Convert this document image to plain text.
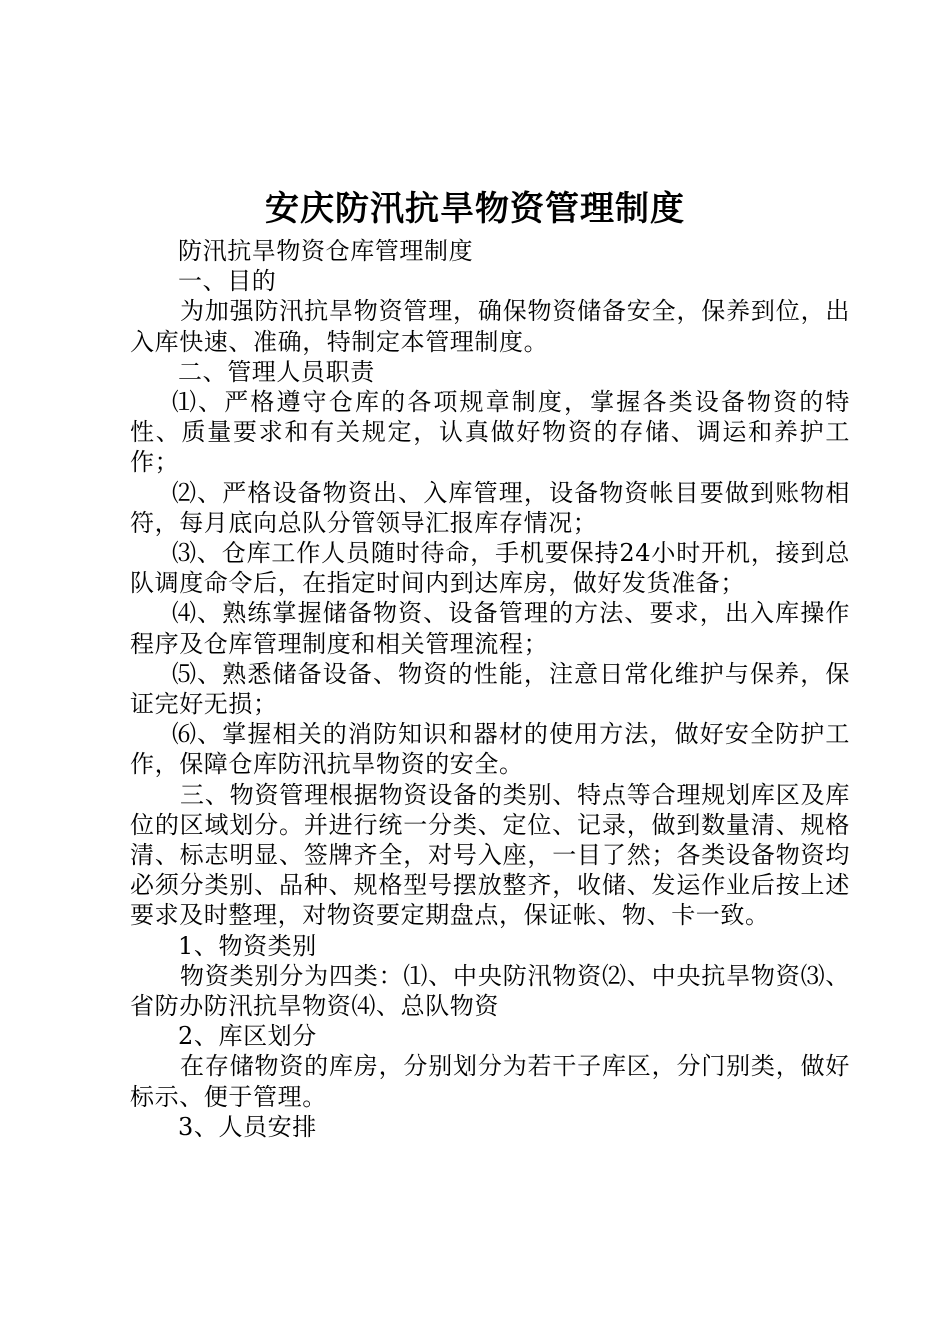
安庆防汛抗旱物资管理制度

防汛抗旱物资仓库管理制度

一、目的

为加强防汛抗旱物资管理，确保物资储备安全，保养到位，出入库快速、准确，特制定本管理制度。

二、管理人员职责

⑴、严格遵守仓库的各项规章制度，掌握各类设备物资的特性、质量要求和有关规定，认真做好物资的存储、调运和养护工作；

⑵、严格设备物资出、入库管理，设备物资帐目要做到账物相符，每月底向总队分管领导汇报库存情况；

⑶、仓库工作人员随时待命，手机要保持24小时开机，接到总队调度命令后，在指定时间内到达库房，做好发货准备；

⑷、熟练掌握储备物资、设备管理的方法、要求，出入库操作程序及仓库管理制度和相关管理流程；

⑸、熟悉储备设备、物资的性能，注意日常化维护与保养，保证完好无损；

⑹、掌握相关的消防知识和器材的使用方法，做好安全防护工作，保障仓库防汛抗旱物资的安全。

三、物资管理根据物资设备的类别、特点等合理规划库区及库位的区域划分。并进行统一分类、定位、记录，做到数量清、规格清、标志明显、签牌齐全，对号入座，一目了然；各类设备物资均必须分类别、品种、规格型号摆放整齐，收储、发运作业后按上述要求及时整理，对物资要定期盘点，保证帐、物、卡一致。

1、物资类别

物资类别分为四类：⑴、中央防汛物资⑵、中央抗旱物资⑶、省防办防汛抗旱物资⑷、总队物资

2、库区划分

在存储物资的库房，分别划分为若干子库区，分门别类，做好标示、便于管理。

3、人员安排
